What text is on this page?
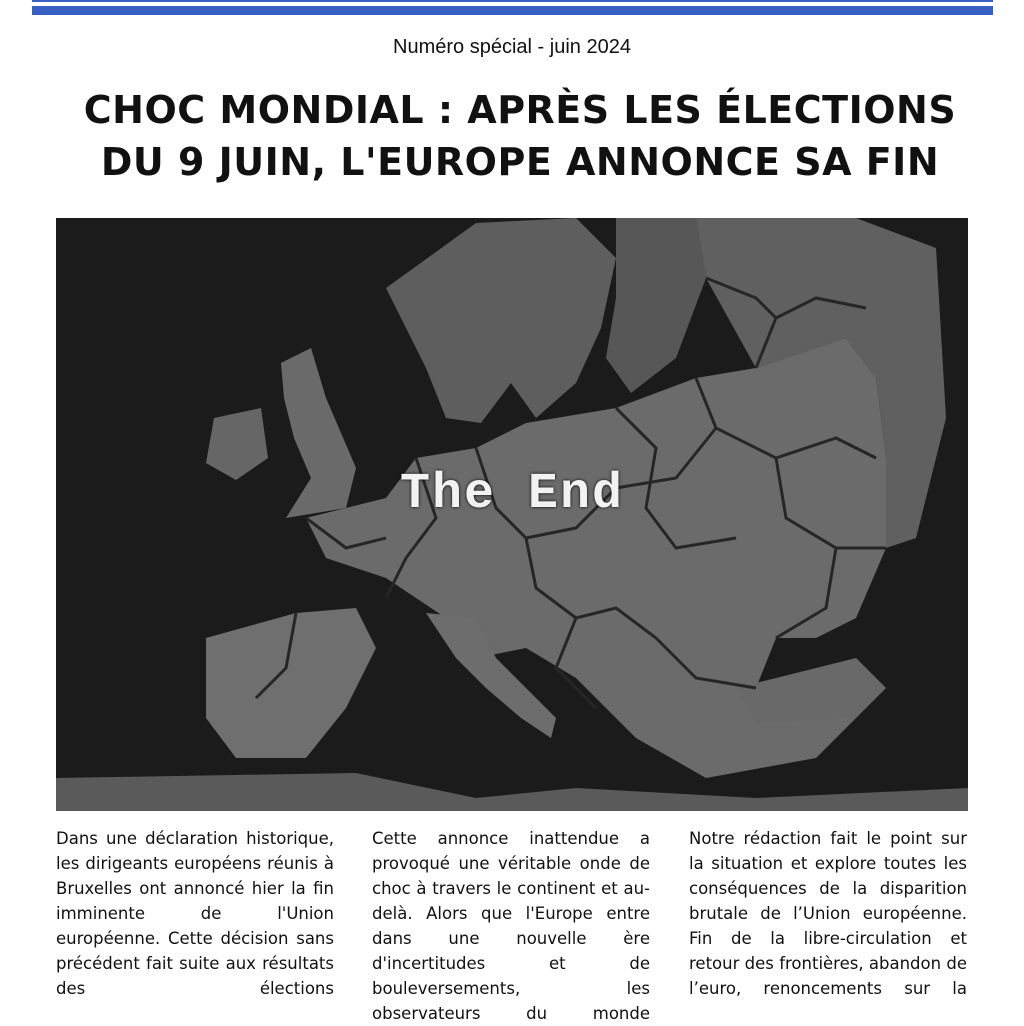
Numéro spécial - juin 2024
CHOC MONDIAL : APRÈS LES ÉLECTIONS DU 9 JUIN, L'EUROPE ANNONCE SA FIN
The End
Dans une déclaration historique, les dirigeants européens réunis à Bruxelles ont annoncé hier la fin imminente de l'Union européenne. Cette décision sans précédent fait suite aux résultats des élections
Cette annonce inattendue a provoqué une véritable onde de choc à travers le continent et au-delà. Alors que l'Europe entre dans une nouvelle ère d'incertitudes et de bouleversements, les observateurs du monde
Notre rédaction fait le point sur la situation et explore toutes les conséquences de la disparition brutale de l’Union européenne. Fin de la libre-circulation et retour des frontières, abandon de l’euro, renoncements sur la
